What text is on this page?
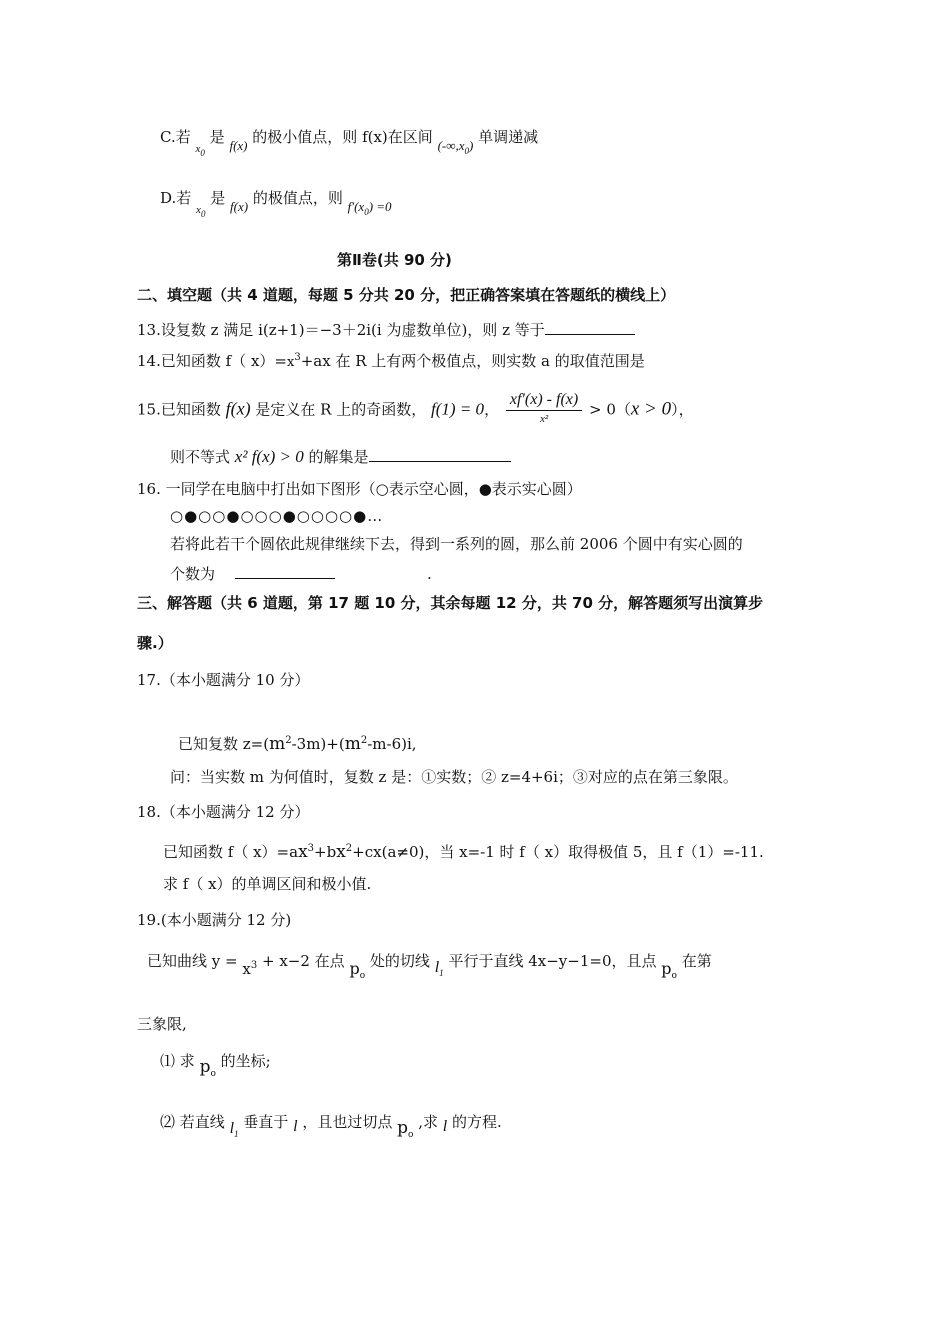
C.若 $_{x_0}$ 是 f(x) 的极小值点，则 f(x)在区间 $(-\infty,x_0)$ 单调递减
D.若 $_{x_0}$ 是 f(x) 的极值点，则 $f'(x_0) =0$
第Ⅱ卷(共 90 分)
二、填空题（共 4 道题，每题 5 分共 20 分，把正确答案填在答题纸的横线上）
13.设复数 z 满足 i(z+1)＝−3＋2i(i 为虚数单位)，则 z 等于
14.已知函数 f（ $x)=x^3+ax$ 在 R 上有两个极值点，则实数 a 的取值范围是
15.已知函数 f(x) 是定义在 R 上的奇函数， f(1) = 0， $\frac{xf'(x) - f(x)}{\text{x²}} > 0(x > 0)$，
则不等式 x² f(x) > 0 的解集是
16. 一同学在电脑中打出如下图形（○表示空心圆，●表示实心圆）
○●○○●○○○●○○○○●…
若将此若干个圆依此规律继续下去，得到一系列的圆，那么前 2006 个圆中有实心圆的
个数为	.
三、解答题（共 6 道题，第 17 题 10 分，其余每题 12 分，共 70 分，解答题须写出演算步
骤.）
17.（本小题满分 10 分）
已知复数 $z=(m^2-3m)+(m^2-m-6)i$,
问：当实数 m 为何值时，复数 z 是：①实数；② z=4+6i；③对应的点在第三象限。
18.（本小题满分 12 分）
已知函数 f（ $x)=ax^3+bx^2+cx(a\ne 0)$，当 x=-1 时 f（ x）取得极值 5，且 f（1）=-11.
求 f（ x）的单调区间和极小值.
19.(本小题满分 12 分)
已知曲线 $y = x^3 + x-2$ 在点 $p_o$ 处的切线 $l_1$ 平行于直线 4x−y−1=0，且点 $p_o$ 在第
三象限,
⑴ 求 $p_o$ 的坐标;
⑵ 若直线 $l_1$ 垂直于 l ，且也过切点 $p_o$ ,求 l 的方程.
